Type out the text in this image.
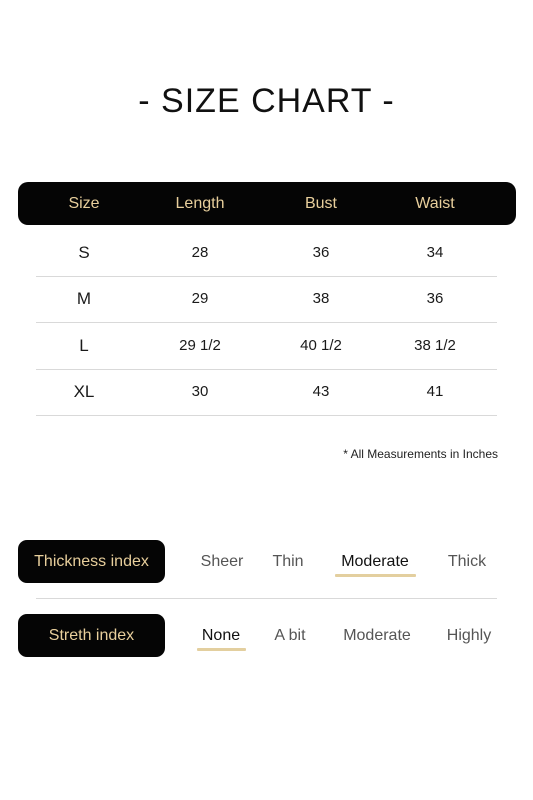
- SIZE CHART -
Size	Length	Bust	Waist
S	28	36	34
M	29	38	36
L	29 1/2	40 1/2	38 1/2
XL	30	43	41
* All Measurements in Inches
Thickness index	Sheer	Thin	Moderate	Thick
Streth index	None	A bit	Moderate	Highly
